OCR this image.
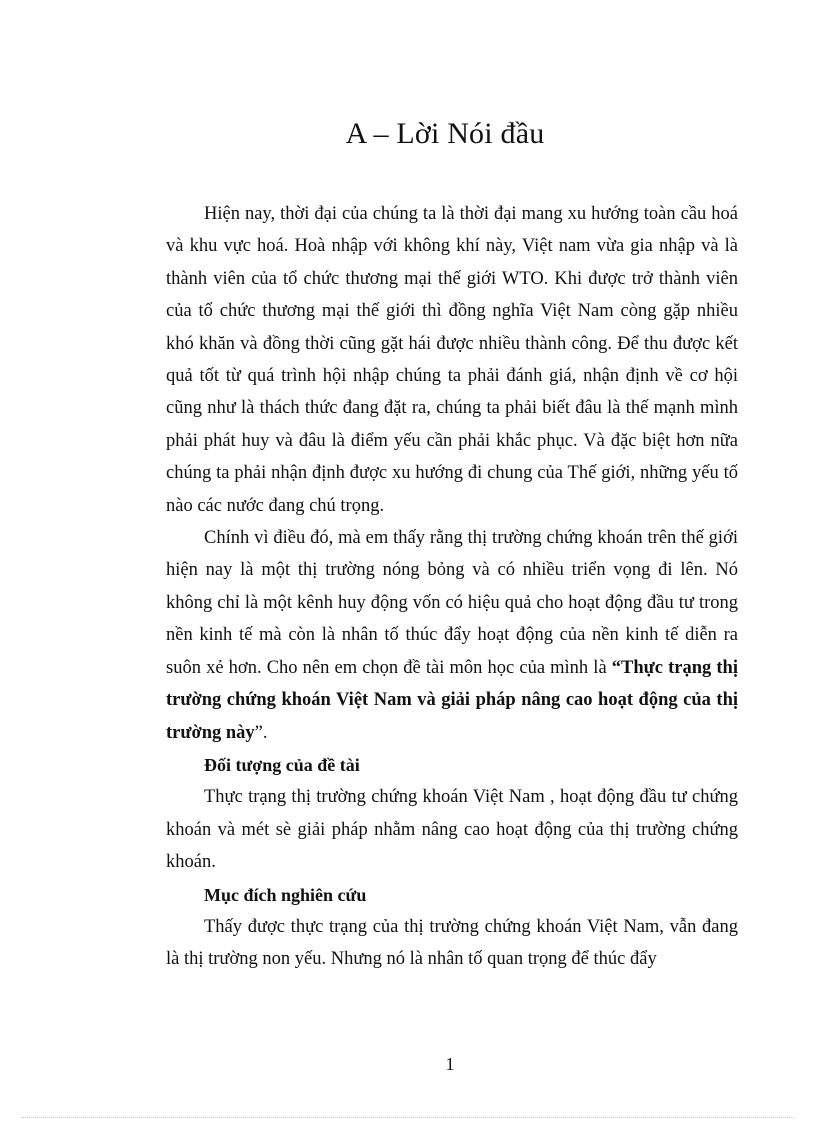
A – Lời Nói đầu

Hiện nay, thời đại của chúng ta là thời đại mang xu hướng toàn cầu hoá và khu vực hoá. Hoà nhập với không khí này, Việt nam vừa gia nhập và là thành viên của tổ chức thương mại thế giới WTO. Khi được trở thành viên của tổ chức thương mại thế giới thì đồng nghĩa Việt Nam còng gặp nhiều khó khăn và đồng thời cũng gặt hái được nhiều thành công. Để thu được kết quả tốt từ quá trình hội nhập chúng ta phải đánh giá, nhận định về cơ hội cũng như là thách thức đang đặt ra, chúng ta phải biết đâu là thế mạnh mình phải phát huy và đâu là điểm yếu cần phải khắc phục. Và đặc biệt hơn nữa chúng ta phải nhận định được xu hướng đi chung của Thế giới, những yếu tố nào các nước đang chú trọng.

Chính vì điều đó, mà em thấy rằng thị trường chứng khoán trên thế giới hiện nay là một thị trường nóng bỏng và có nhiều triển vọng đi lên. Nó không chỉ là một kênh huy động vốn có hiệu quả cho hoạt động đầu tư trong nền kinh tế mà còn là nhân tố thúc đẩy hoạt động của nền kinh tế diễn ra suôn xẻ hơn. Cho nên em chọn đề tài môn học của mình là “Thực trạng thị trường chứng khoán Việt Nam và giải pháp nâng cao hoạt động của thị trường này”.

Đối tượng của đề tài

Thực trạng thị trường chứng khoán Việt Nam , hoạt động đầu tư chứng khoán và mét sè giải pháp nhằm nâng cao hoạt động của thị trường chứng khoán.

Mục đích nghiên cứu

Thấy được thực trạng của thị trường chứng khoán Việt Nam, vẫn đang là thị trường non yếu. Nhưng nó là nhân tố quan trọng để thúc đẩy

1
